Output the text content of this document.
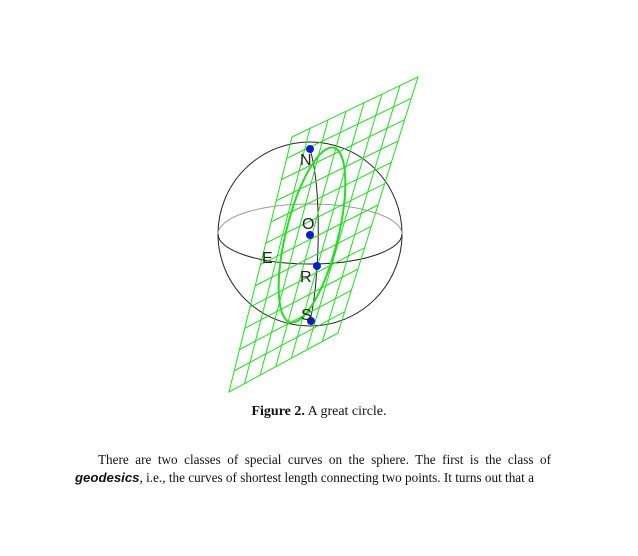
N
O
E
R
S
Figure 2. A great circle.
There are two classes of special curves on the sphere. The first is the class of geodesics, i.e., the curves of shortest length connecting two points. It turns out that a
